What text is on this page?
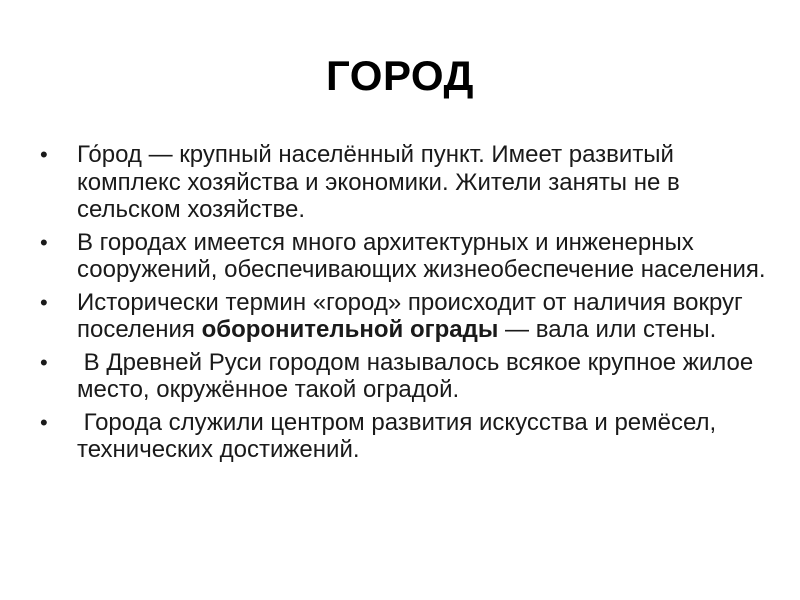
ГОРОД
•	Го́род — крупный населённый пункт. Имеет развитый комплекс хозяйства и экономики. Жители заняты не в сельском хозяйстве.
•	В городах имеется много архитектурных и инженерных сооружений, обеспечивающих жизнеобеспечение населения.
•	Исторически термин «город» происходит от наличия вокруг поселения оборонительной ограды — вала или стены.
•	В Древней Руси городом называлось всякое крупное жилое место, окружённое такой оградой.
•	Города служили центром развития искусства и ремёсел, технических достижений.
